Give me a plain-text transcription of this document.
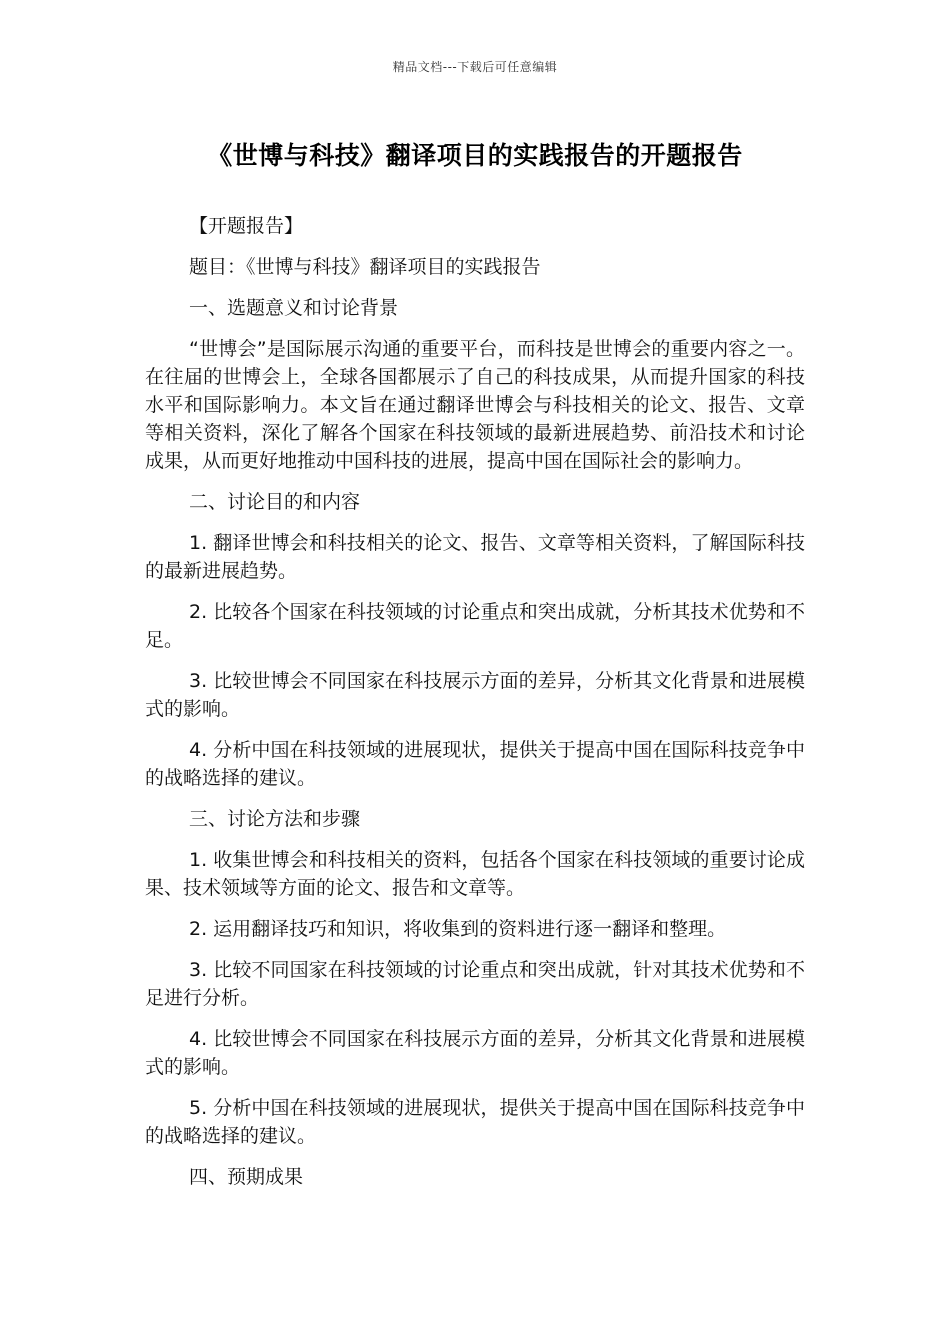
精品文档---下载后可任意编辑
《世博与科技》翻译项目的实践报告的开题报告
【开题报告】
题目：《世博与科技》翻译项目的实践报告
一、选题意义和讨论背景
“世博会”是国际展示沟通的重要平台，而科技是世博会的重要内容之一。在往届的世博会上，全球各国都展示了自己的科技成果，从而提升国家的科技水平和国际影响力。本文旨在通过翻译世博会与科技相关的论文、报告、文章等相关资料，深化了解各个国家在科技领域的最新进展趋势、前沿技术和讨论成果，从而更好地推动中国科技的进展，提高中国在国际社会的影响力。
二、讨论目的和内容
1. 翻译世博会和科技相关的论文、报告、文章等相关资料，了解国际科技的最新进展趋势。
2. 比较各个国家在科技领域的讨论重点和突出成就，分析其技术优势和不足。
3. 比较世博会不同国家在科技展示方面的差异，分析其文化背景和进展模式的影响。
4. 分析中国在科技领域的进展现状，提供关于提高中国在国际科技竞争中的战略选择的建议。
三、讨论方法和步骤
1. 收集世博会和科技相关的资料，包括各个国家在科技领域的重要讨论成果、技术领域等方面的论文、报告和文章等。
2. 运用翻译技巧和知识，将收集到的资料进行逐一翻译和整理。
3. 比较不同国家在科技领域的讨论重点和突出成就，针对其技术优势和不足进行分析。
4. 比较世博会不同国家在科技展示方面的差异，分析其文化背景和进展模式的影响。
5. 分析中国在科技领域的进展现状，提供关于提高中国在国际科技竞争中的战略选择的建议。
四、预期成果
